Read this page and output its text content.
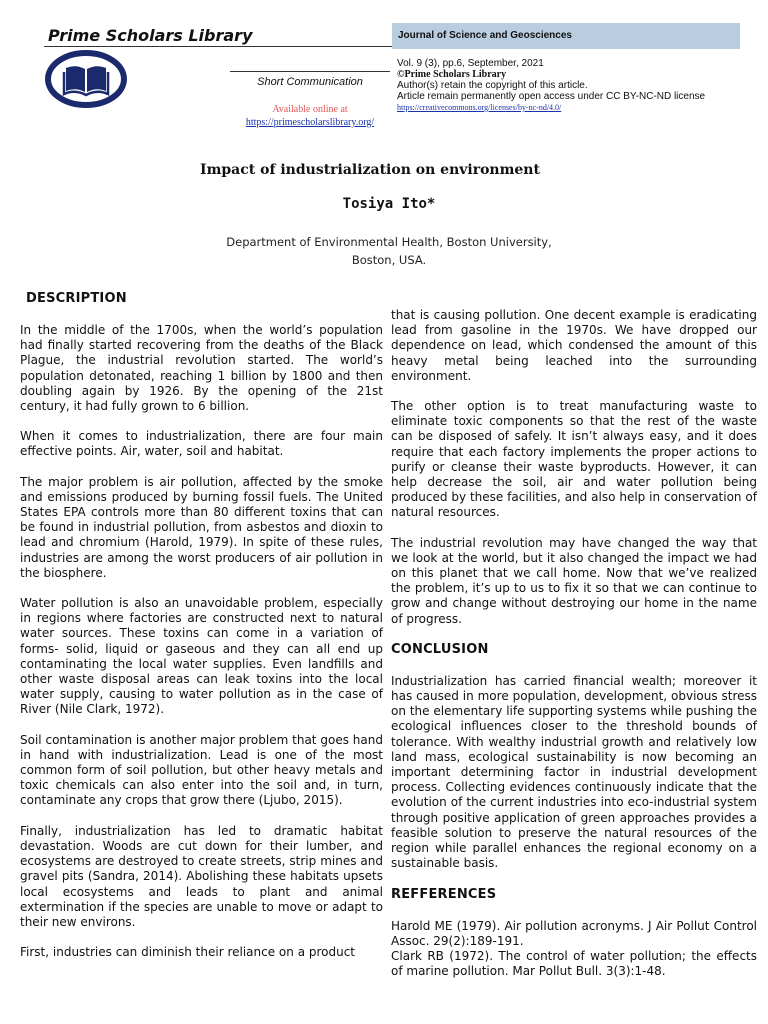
Prime Scholars Library
Short Communication
Available online at
https://primescholarslibrary.org/
Journal of Science and Geosciences
Vol. 9 (3), pp.6, September, 2021
©Prime Scholars Library
Author(s) retain the copyright of this article.
Article remain permanently open access under CC BY-NC-ND license
https://creativecommons.org/licenses/by-nc-nd/4.0/
Impact of industrialization on environment
Tosiya Ito*
Department of Environmental Health, Boston University,
Boston, USA.
DESCRIPTION

In the middle of the 1700s, when the world’s population had finally started recovering from the deaths of the Black Plague, the industrial revolution started. The world’s population detonated, reaching 1 billion by 1800 and then doubling again by 1926. By the opening of the 21st century, it had fully grown to 6 billion.

When it comes to industrialization, there are four main effective points. Air, water, soil and habitat.

The major problem is air pollution, affected by the smoke and emissions produced by burning fossil fuels. The United States EPA controls more than 80 different toxins that can be found in industrial pollution, from asbestos and dioxin to lead and chromium (Harold, 1979). In spite of these rules, industries are among the worst producers of air pollution in the biosphere.

Water pollution is also an unavoidable problem, especially in regions where factories are constructed next to natural water sources. These toxins can come in a variation of forms- solid, liquid or gaseous and they can all end up contaminating the local water supplies. Even landfills and other waste disposal areas can leak toxins into the local water supply, causing to water pollution as in the case of River (Nile Clark, 1972).

Soil contamination is another major problem that goes hand in hand with industrialization. Lead is one of the most common form of soil pollution, but other heavy metals and toxic chemicals can also enter into the soil and, in turn, contaminate any crops that grow there (Ljubo, 2015).

Finally, industrialization has led to dramatic habitat devastation. Woods are cut down for their lumber, and ecosystems are destroyed to create streets, strip mines and gravel pits (Sandra, 2014). Abolishing these habitats upsets local ecosystems and leads to plant and animal extermination if the species are unable to move or adapt to their new environs.

First, industries can diminish their reliance on a product

that is causing pollution. One decent example is eradicating lead from gasoline in the 1970s. We have dropped our dependence on lead, which condensed the amount of this heavy metal being leached into the surrounding environment.

The other option is to treat manufacturing waste to eliminate toxic components so that the rest of the waste can be disposed of safely. It isn’t always easy, and it does require that each factory implements the proper actions to purify or cleanse their waste byproducts. However, it can help decrease the soil, air and water pollution being produced by these facilities, and also help in conservation of natural resources.

The industrial revolution may have changed the way that we look at the world, but it also changed the impact we had on this planet that we call home. Now that we’ve realized the problem, it’s up to us to fix it so that we can continue to grow and change without destroying our home in the name of progress.

CONCLUSION

Industrialization has carried financial wealth; moreover it has caused in more population, development, obvious stress on the elementary life supporting systems while pushing the ecological influences closer to the threshold bounds of tolerance. With wealthy industrial growth and relatively low land mass, ecological sustainability is now becoming an important determining factor in industrial development process. Collecting evidences continuously indicate that the evolution of the current industries into eco-industrial system through positive application of green approaches provides a feasible solution to preserve the natural resources of the region while parallel enhances the regional economy on a sustainable basis.

REFFERENCES

Harold ME (1979). Air pollution acronyms. J Air Pollut Control Assoc. 29(2):189-191.

Clark RB (1972). The control of water pollution; the effects of marine pollution. Mar Pollut Bull. 3(3):1-48.
